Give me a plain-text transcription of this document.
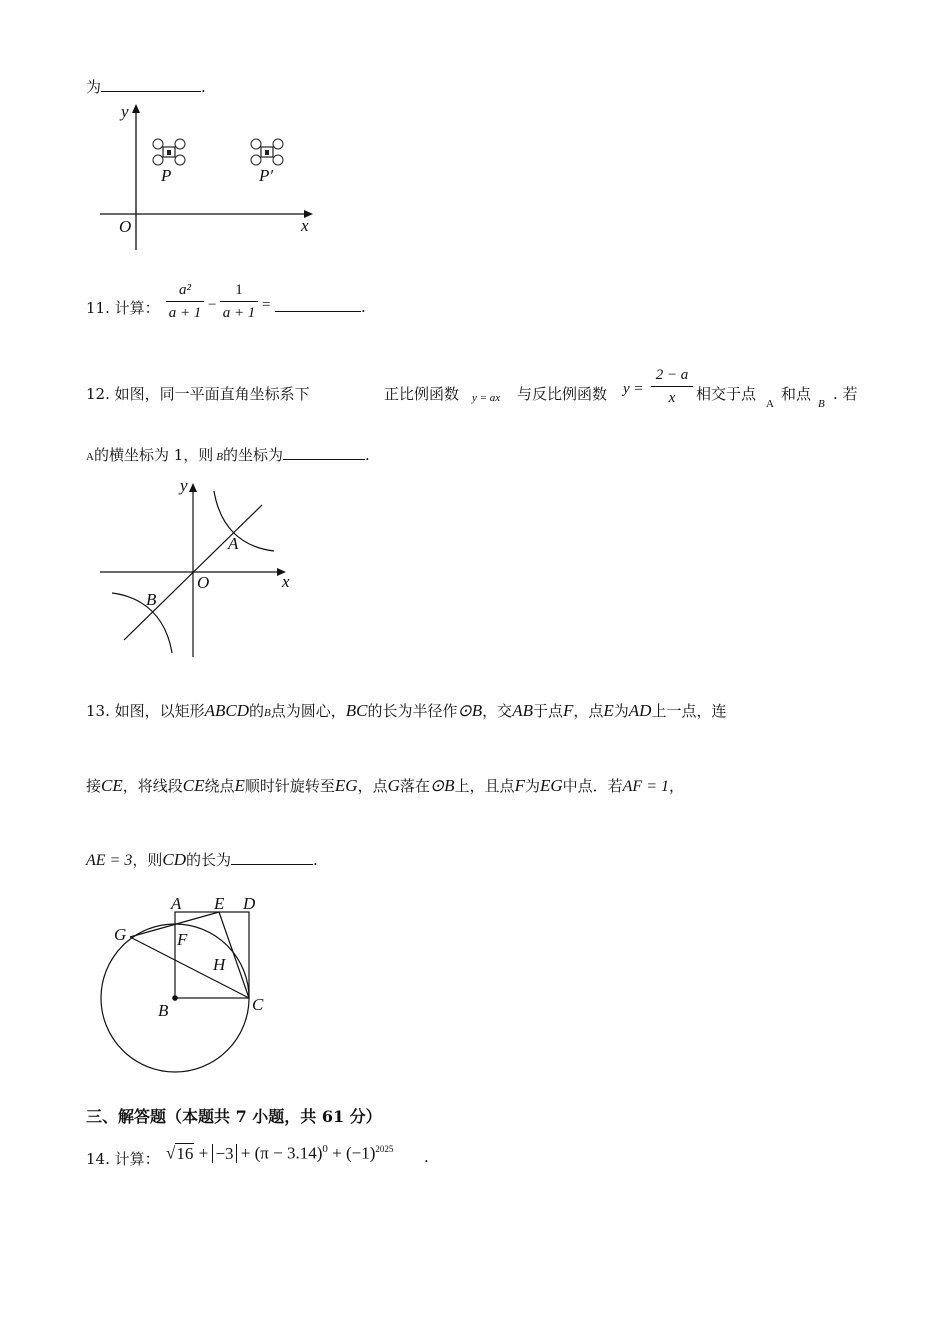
为	.
y
x
O
P	P′
11. 计算：
a²
a + 1 −
1
a + 1 =	.
12. 如图，同一平面直角坐标系下	正比例函数 y = ax 与反比例函数 y =
2 − a
x	相交于点
A
和点
B
. 若
A的横坐标为 1，则 B的坐标为	.
y
x
O
A
B
13. 如图，以矩形ABCD的B点为圆心，BC的长为半径作⊙B，交AB于点F，点E为AD上一点，连
接CE，将线段CE绕点E顺时针旋转至EG，点G落在⊙B上，且点F为EG中点．若AF = 1，
AE = 3，则CD的长为	.
A E D
G	F
H
B	C
三、解答题（本题共 7 小题，共 61 分）
14. 计算： $√16 + -3 + (\pi - 3.14)^0 + (-1)^{2025}$ .
